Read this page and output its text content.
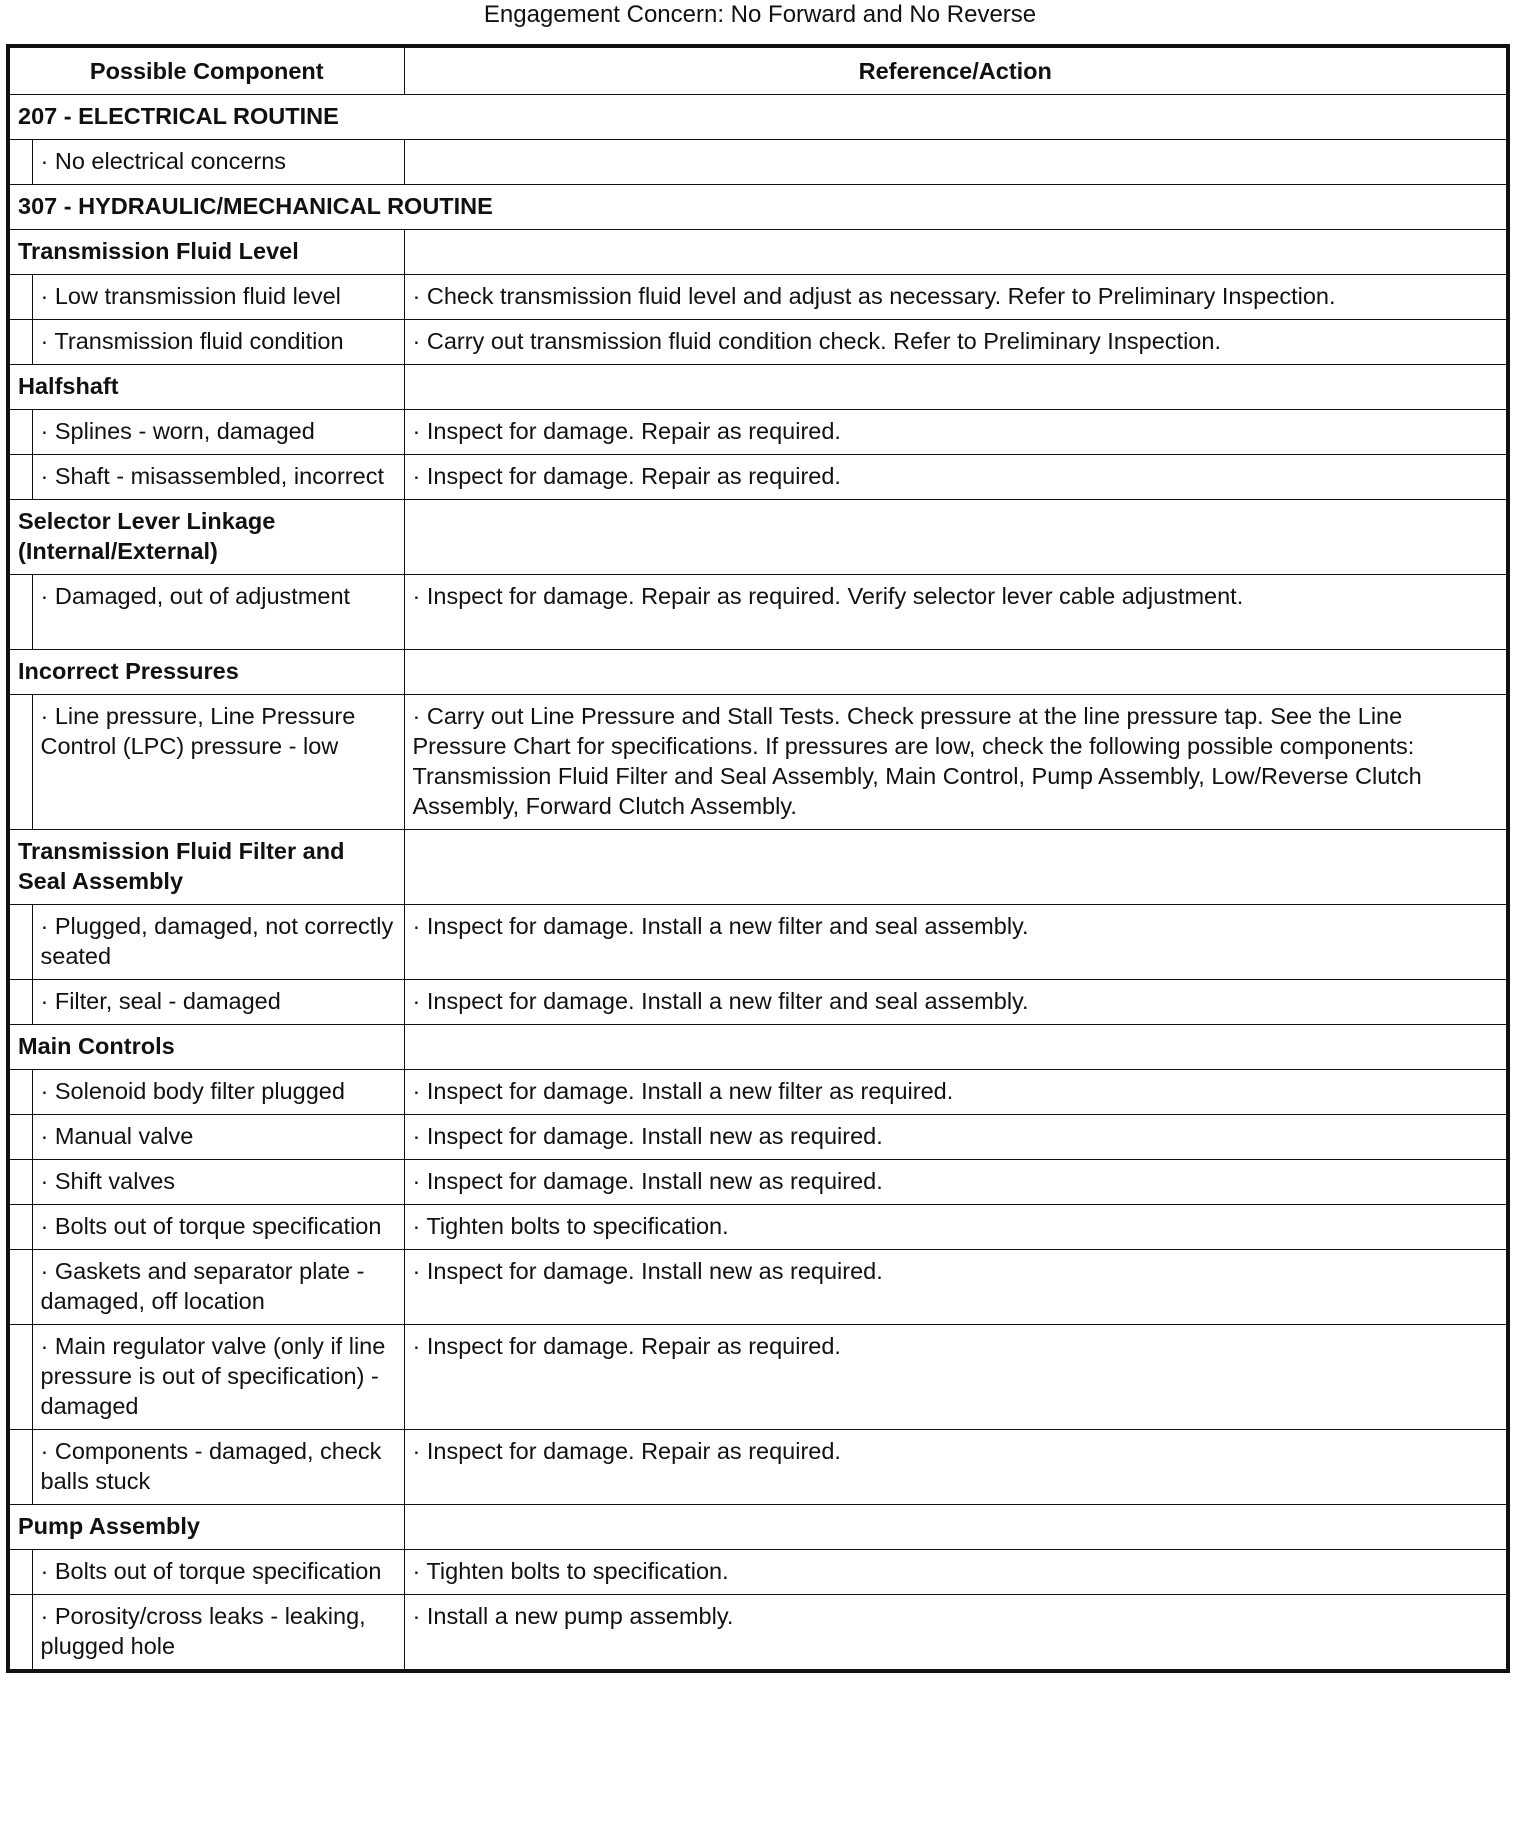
Engagement Concern: No Forward and No Reverse
Possible Component		Reference/Action
207 - ELECTRICAL ROUTINE		
	· No electrical concerns	
307 - HYDRAULIC/MECHANICAL ROUTINE		
Transmission Fluid Level		
	· Low transmission fluid level	· Check transmission fluid level and adjust as necessary. Refer to Preliminary Inspection.
	· Transmission fluid condition	· Carry out transmission fluid condition check. Refer to Preliminary Inspection.
Halfshaft		
	· Splines - worn, damaged	· Inspect for damage. Repair as required.
	· Shaft - misassembled, incorrect	· Inspect for damage. Repair as required.
Selector Lever Linkage (Internal/External)		
	· Damaged, out of adjustment	· Inspect for damage. Repair as required. Verify selector lever cable adjustment.
Incorrect Pressures		
	· Line pressure, Line Pressure Control (LPC) pressure - low	· Carry out Line Pressure and Stall Tests. Check pressure at the line pressure tap. See the Line Pressure Chart for specifications. If pressures are low, check the following possible components: Transmission Fluid Filter and Seal Assembly, Main Control, Pump Assembly, Low/Reverse Clutch Assembly, Forward Clutch Assembly.
Transmission Fluid Filter and Seal Assembly		
	· Plugged, damaged, not correctly seated	· Inspect for damage. Install a new filter and seal assembly.
	· Filter, seal - damaged	· Inspect for damage. Install a new filter and seal assembly.
Main Controls		
	· Solenoid body filter plugged	· Inspect for damage. Install a new filter as required.
	· Manual valve	· Inspect for damage. Install new as required.
	· Shift valves	· Inspect for damage. Install new as required.
	· Bolts out of torque specification	· Tighten bolts to specification.
	· Gaskets and separator plate - damaged, off location	· Inspect for damage. Install new as required.
	· Main regulator valve (only if line pressure is out of specification) - damaged	· Inspect for damage. Repair as required.
	· Components - damaged, check balls stuck	· Inspect for damage. Repair as required.
Pump Assembly		
	· Bolts out of torque specification	· Tighten bolts to specification.
	· Porosity/cross leaks - leaking, plugged hole	· Install a new pump assembly.
